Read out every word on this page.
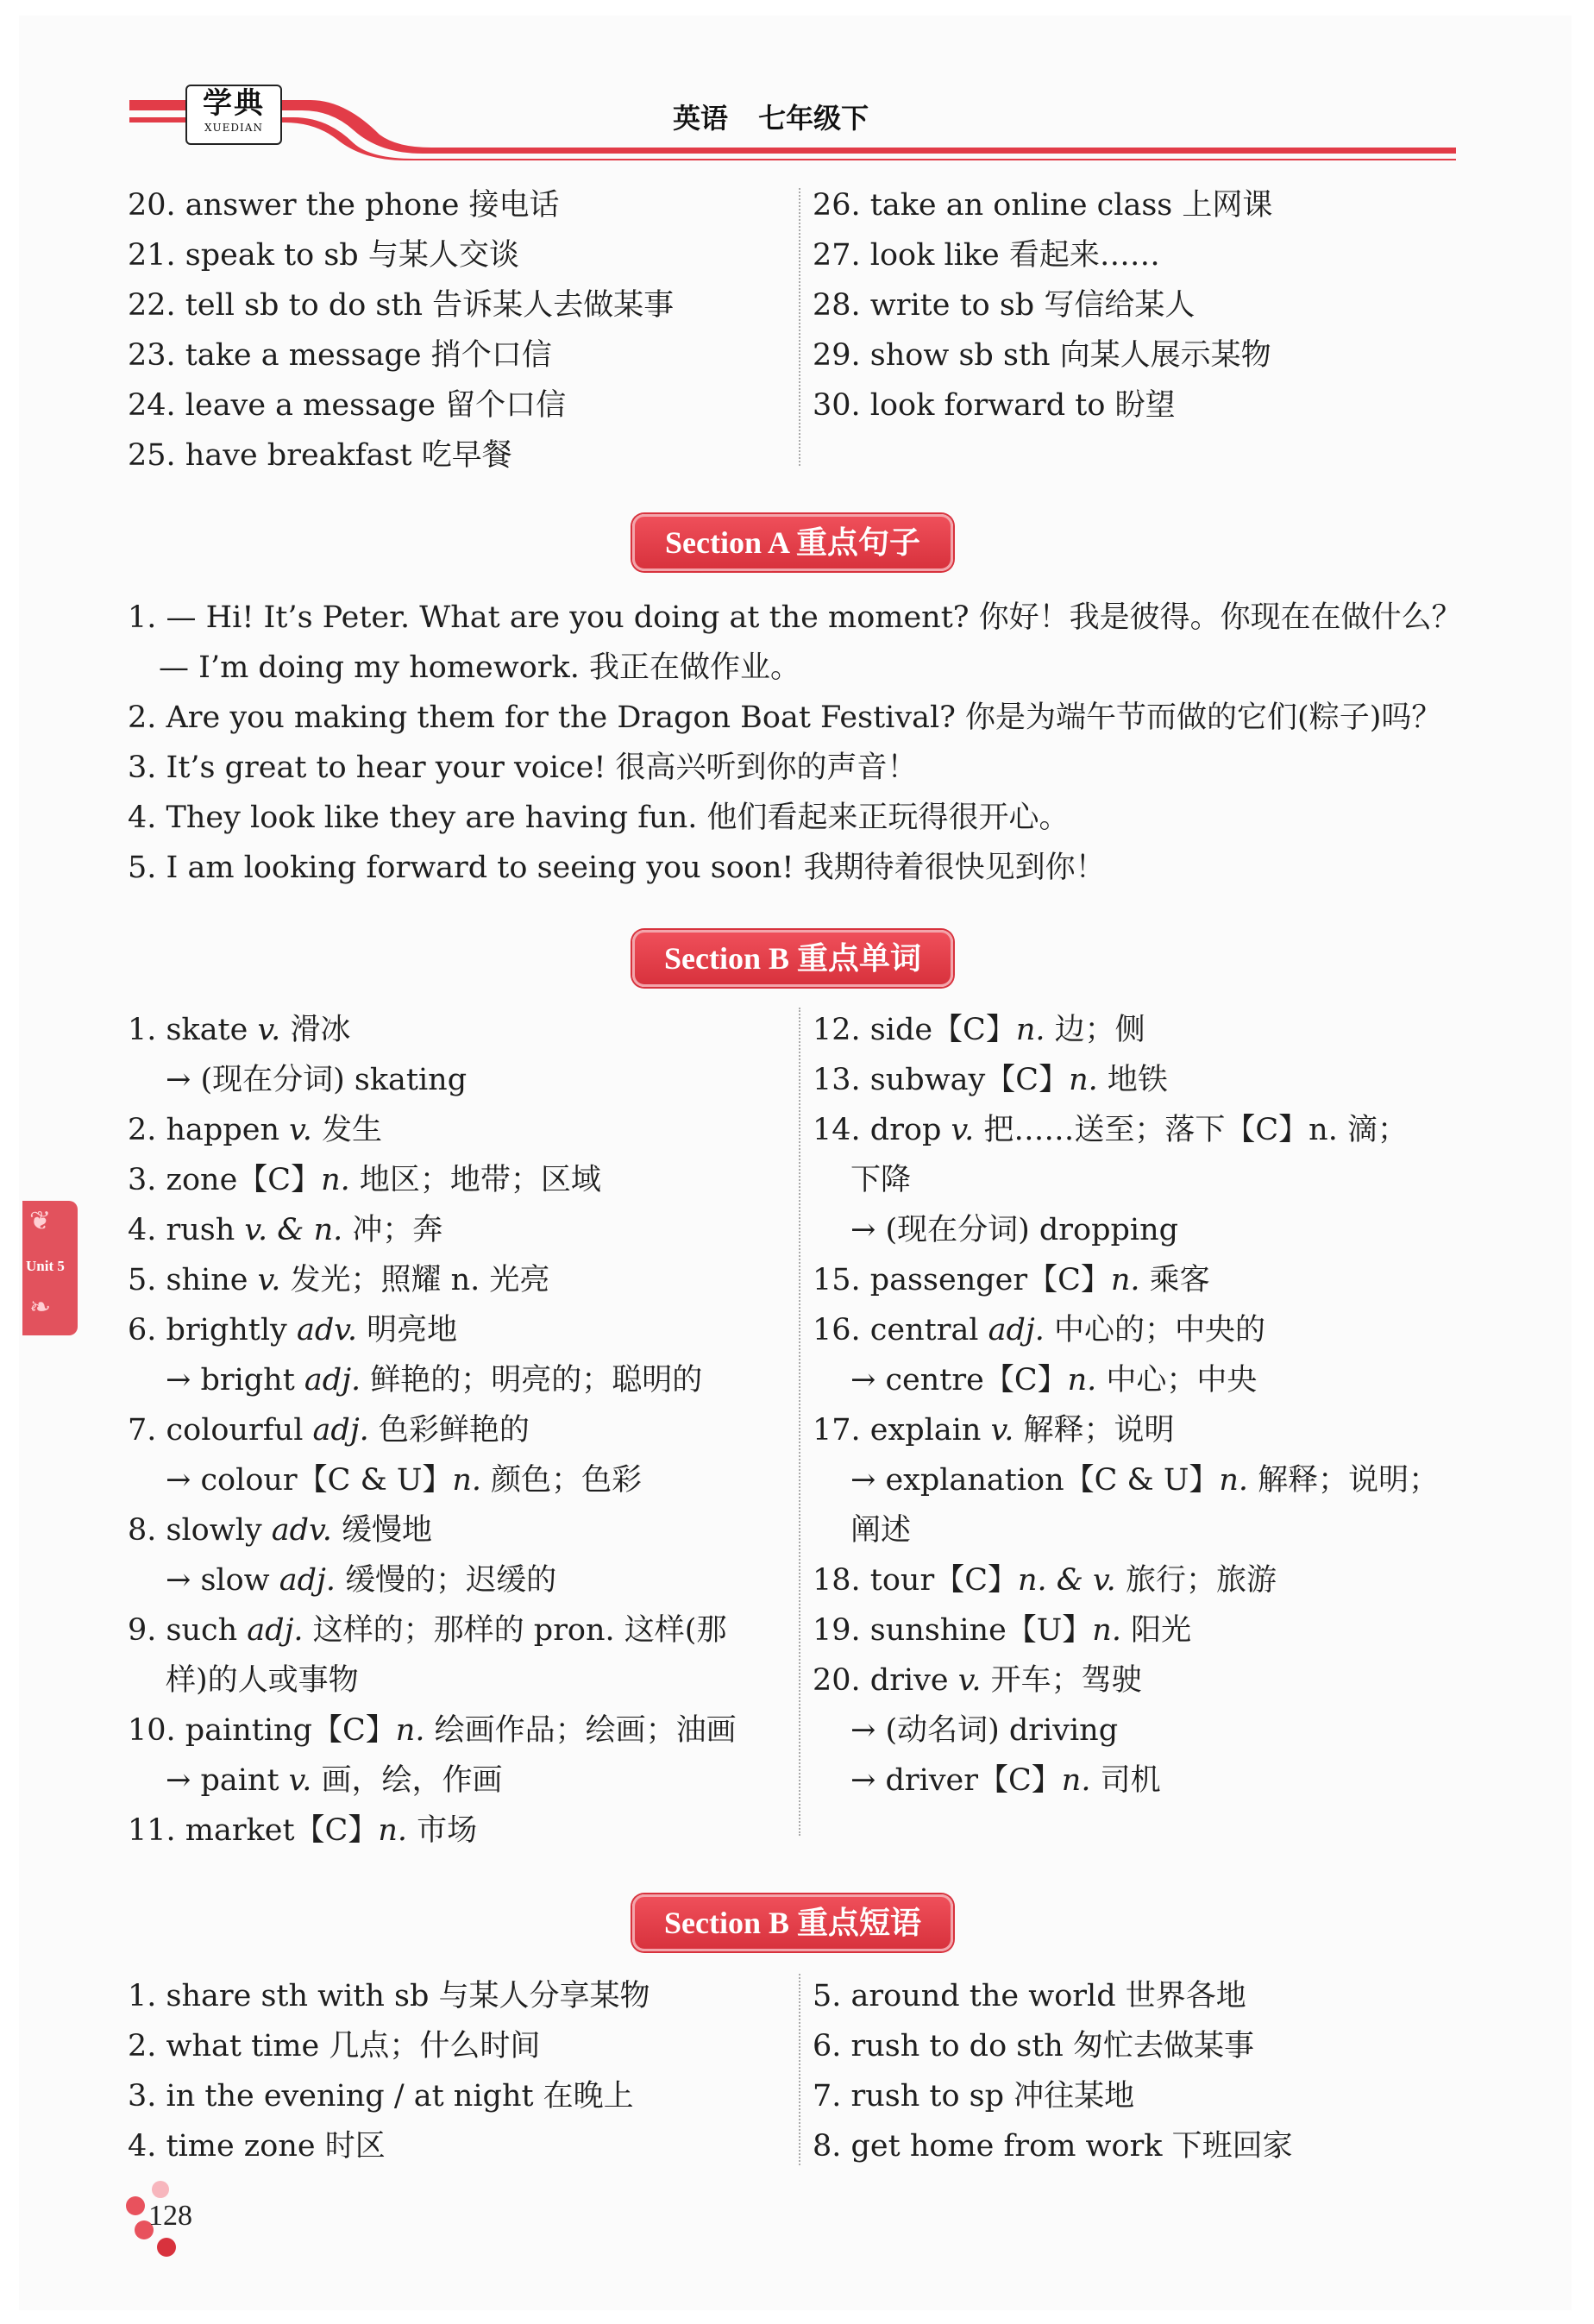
学典
XUEDIAN	英语 七年级下
❦
Unit 5
❧
20. answer the phone 接电话
21. speak to sb 与某人交谈
22. tell sb to do sth 告诉某人去做某事
23. take a message 捎个口信
24. leave a message 留个口信
25. have breakfast 吃早餐
26. take an online class 上网课
27. look like 看起来……
28. write to sb 写信给某人
29. show sb sth 向某人展示某物
30. look forward to 盼望
Section A 重点句子
1. — Hi! It’s Peter. What are you doing at the moment? 你好！我是彼得。你现在在做什么？
— I’m doing my homework. 我正在做作业。
2. Are you making them for the Dragon Boat Festival? 你是为端午节而做的它们(粽子)吗？
3. It’s great to hear your voice! 很高兴听到你的声音！
4. They look like they are having fun. 他们看起来正玩得很开心。
5. I am looking forward to seeing you soon! 我期待着很快见到你！
Section B 重点单词
1. skate v. 滑冰
→ (现在分词) skating
2. happen v. 发生
3. zone【C】n. 地区；地带；区域
4. rush v. & n. 冲；奔
5. shine v. 发光；照耀 n. 光亮
6. brightly adv. 明亮地
→ bright adj. 鲜艳的；明亮的；聪明的
7. colourful adj. 色彩鲜艳的
→ colour【C & U】n. 颜色；色彩
8. slowly adv. 缓慢地
→ slow adj. 缓慢的；迟缓的
9. such adj. 这样的；那样的 pron. 这样(那
样)的人或事物
10. painting【C】n. 绘画作品；绘画；油画
→ paint v. 画，绘，作画
11. market【C】n. 市场
12. side【C】n. 边；侧
13. subway【C】n. 地铁
14. drop v. 把……送至；落下【C】n. 滴；
下降
→ (现在分词) dropping
15. passenger【C】n. 乘客
16. central adj. 中心的；中央的
→ centre【C】n. 中心；中央
17. explain v. 解释；说明
→ explanation【C & U】n. 解释；说明；
阐述
18. tour【C】n. & v. 旅行；旅游
19. sunshine【U】n. 阳光
20. drive v. 开车；驾驶
→ (动名词) driving
→ driver【C】n. 司机
Section B 重点短语
1. share sth with sb 与某人分享某物
2. what time 几点；什么时间
3. in the evening / at night 在晚上
4. time zone 时区
5. around the world 世界各地
6. rush to do sth 匆忙去做某事
7. rush to sp 冲往某地
8. get home from work 下班回家
128
